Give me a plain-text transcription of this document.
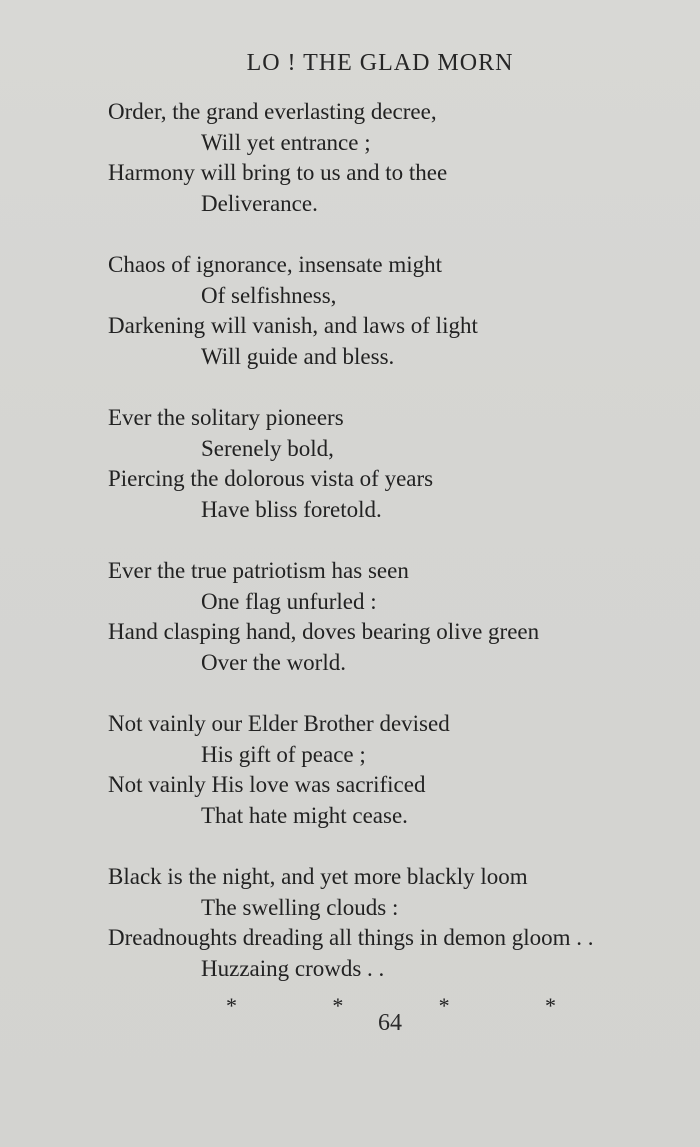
LO ! THE GLAD MORN
Order, the grand everlasting decree,
Will yet entrance ;
Harmony will bring to us and to thee
Deliverance.
Chaos of ignorance, insensate might
Of selfishness,
Darkening will vanish, and laws of light
Will guide and bless.
Ever the solitary pioneers
Serenely bold,
Piercing the dolorous vista of years
Have bliss foretold.
Ever the true patriotism has seen
One flag unfurled :
Hand clasping hand, doves bearing olive green
Over the world.
Not vainly our Elder Brother devised
His gift of peace ;
Not vainly His love was sacrificed
That hate might cease.
Black is the night, and yet more blackly loom
The swelling clouds :
Dreadnoughts dreading all things in demon gloom . .
Huzzaing crowds . .
*	*	*	*
64
